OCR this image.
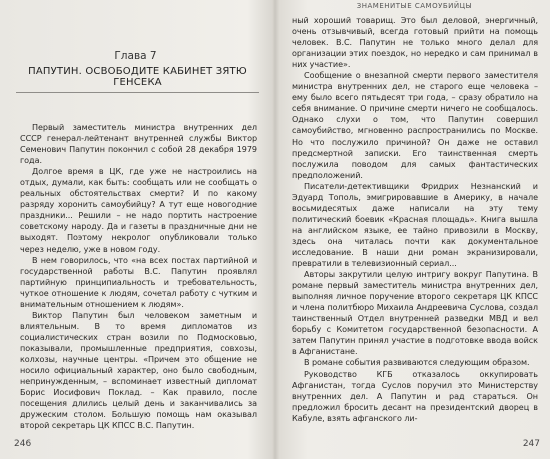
Глава 7
ПАПУТИН. ОСВОБОДИТЕ КАБИНЕТ ЗЯТЮ ГЕНСЕКА

Первый заместитель министра внутренних дел СССР генерал-лейтенант внутренней службы Виктор Семенович Папутин покончил с собой 28 декабря 1979 года.

Долгое время в ЦК, где уже не настроились на отдых, думали, как быть: сообщать или не сообщать о реальных обстоятельствах смерти? И по какому разряду хоронить самоубийцу? А тут еще новогодние праздники... Решили – не надо портить настроение советскому народу. Да и газеты в праздничные дни не выходят. Поэтому некролог опубликовали только через неделю, уже в новом году.

В нем говорилось, что «на всех постах партийной и государственной работы В.С. Папутин проявлял партийную принципиальность и требовательность, чуткое отношение к людям, сочетал работу с чутким и внимательным отношением к людям».

Виктор Папутин был человеком заметным и влиятельным. В то время дипломатов из социалистических стран возили по Подмосковью, показывали, промышленные предприятия, совхозы, колхозы, научные центры. «Причем это общение не носило официальный характер, оно было свободным, непринужденным, – вспоминает известный дипломат Борис Иосифович Поклад. – Как правило, после посещения длились целый день и заканчивались за дружеским столом. Большую помощь нам оказывал второй секретарь ЦК КПСС В.С. Папутин.

246
ЗНАМЕНИТЫЕ САМОУБИЙЦЫ

ный хороший товарищ. Это был деловой, энергичный, очень отзывчивый, всегда готовый прийти на помощь человек. В.С. Папутин не только много делал для организации этих поездок, но нередко и сам принимал в них участие».

Сообщение о внезапной смерти первого заместителя министра внутренних дел, не старого еще человека – ему было всего пятьдесят три года, – сразу обратило на себя внимание. О причине смерти ничего не сообщалось. Однако слухи о том, что Папутин совершил самоубийство, мгновенно распространились по Москве. Но что послужило причиной? Он даже не оставил предсмертной записки. Его таинственная смерть послужила поводом для самых фантастических предположений.

Писатели-детективщики Фридрих Незнанский и Эдуард Тополь, эмигрировавшие в Америку, в начале восьмидесятых даже написали на эту тему политический боевик «Красная площадь». Книга вышла на английском языке, ее тайно привозили в Москву, здесь она читалась почти как документальное исследование. В наши дни роман экранизировали, превратили в телевизионный сериал...

Авторы закрутили целую интригу вокруг Папутина. В романе первый заместитель министра внутренних дел, выполняя личное поручение второго секретаря ЦК КПСС и члена политбюро Михаила Андреевича Суслова, создал таинственный Отдел внутренней разведки МВД и вел борьбу с Комитетом государственной безопасности. А затем Папутин принял участие в подготовке ввода войск в Афганистане.

В романе события развиваются следующим образом.

Руководство КГБ отказалось оккупировать Афганистан, тогда Суслов поручил это Министерству внутренних дел. А Папутин и рад стараться. Он предложил бросить десант на президентский дворец в Кабуле, взять афганского ли-

247
